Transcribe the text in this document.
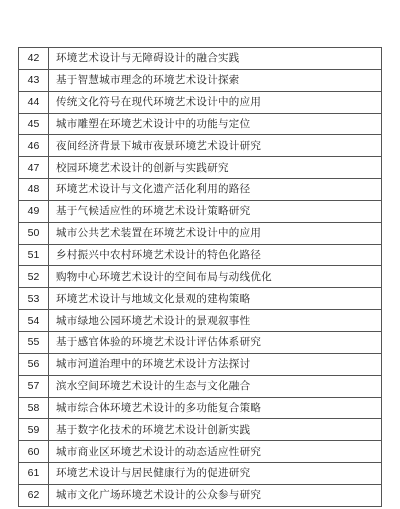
42	环境艺术设计与无障碍设计的融合实践
43	基于智慧城市理念的环境艺术设计探索
44	传统文化符号在现代环境艺术设计中的应用
45	城市雕塑在环境艺术设计中的功能与定位
46	夜间经济背景下城市夜景环境艺术设计研究
47	校园环境艺术设计的创新与实践研究
48	环境艺术设计与文化遗产活化利用的路径
49	基于气候适应性的环境艺术设计策略研究
50	城市公共艺术装置在环境艺术设计中的应用
51	乡村振兴中农村环境艺术设计的特色化路径
52	购物中心环境艺术设计的空间布局与动线优化
53	环境艺术设计与地域文化景观的建构策略
54	城市绿地公园环境艺术设计的景观叙事性
55	基于感官体验的环境艺术设计评估体系研究
56	城市河道治理中的环境艺术设计方法探讨
57	滨水空间环境艺术设计的生态与文化融合
58	城市综合体环境艺术设计的多功能复合策略
59	基于数字化技术的环境艺术设计创新实践
60	城市商业区环境艺术设计的动态适应性研究
61	环境艺术设计与居民健康行为的促进研究
62	城市文化广场环境艺术设计的公众参与研究
